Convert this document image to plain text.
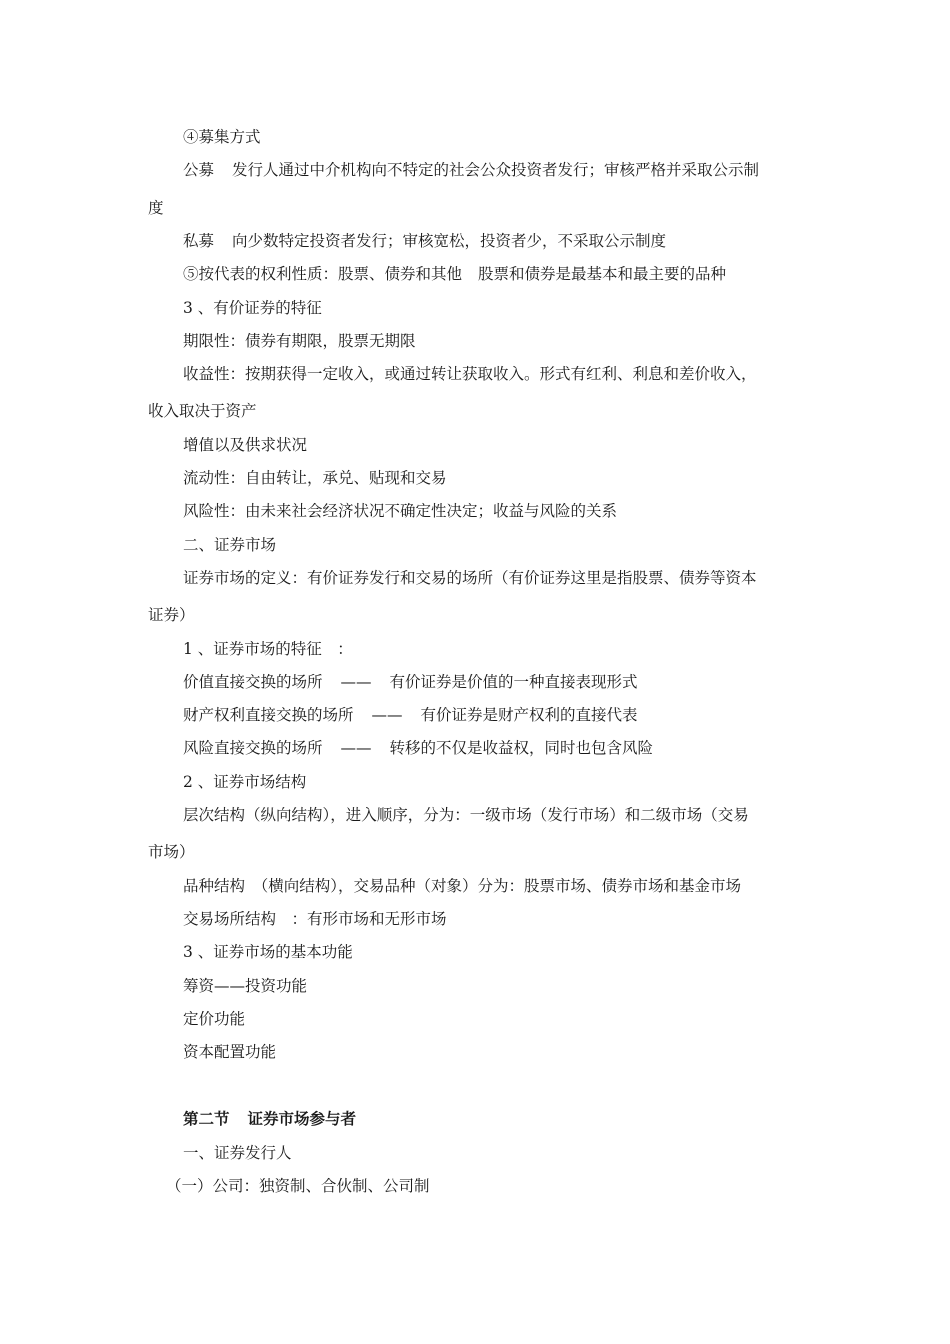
④募集方式
公募 发行人通过中介机构向不特定的社会公众投资者发行；审核严格并采取公示制
度
私募 向少数特定投资者发行；审核宽松，投资者少，不采取公示制度
⑤按代表的权利性质：股票、债券和其他 股票和债券是最基本和最主要的品种
3 、有价证券的特征
期限性：债券有期限，股票无期限
收益性：按期获得一定收入，或通过转让获取收入。形式有红利、利息和差价收入，
收入取决于资产
增值以及供求状况
流动性：自由转让，承兑、贴现和交易
风险性：由未来社会经济状况不确定性决定；收益与风险的关系
二、证券市场
证券市场的定义：有价证券发行和交易的场所（有价证券这里是指股票、债券等资本
证券）
1 、证券市场的特征　：
价值直接交换的场所 —— 有价证券是价值的一种直接表现形式
财产权利直接交换的场所 —— 有价证券是财产权利的直接代表
风险直接交换的场所 —— 转移的不仅是收益权，同时也包含风险
2 、证券市场结构
层次结构（纵向结构），进入顺序，分为：一级市场（发行市场）和二级市场（交易
市场）
品种结构　（横向结构），交易品种（对象）分为：股票市场、债券市场和基金市场
交易场所结构　：有形市场和无形市场
3 、证券市场的基本功能
筹资——投资功能
定价功能
资本配置功能
第二节 证券市场参与者
一、证券发行人
（一）公司：独资制、合伙制、公司制
